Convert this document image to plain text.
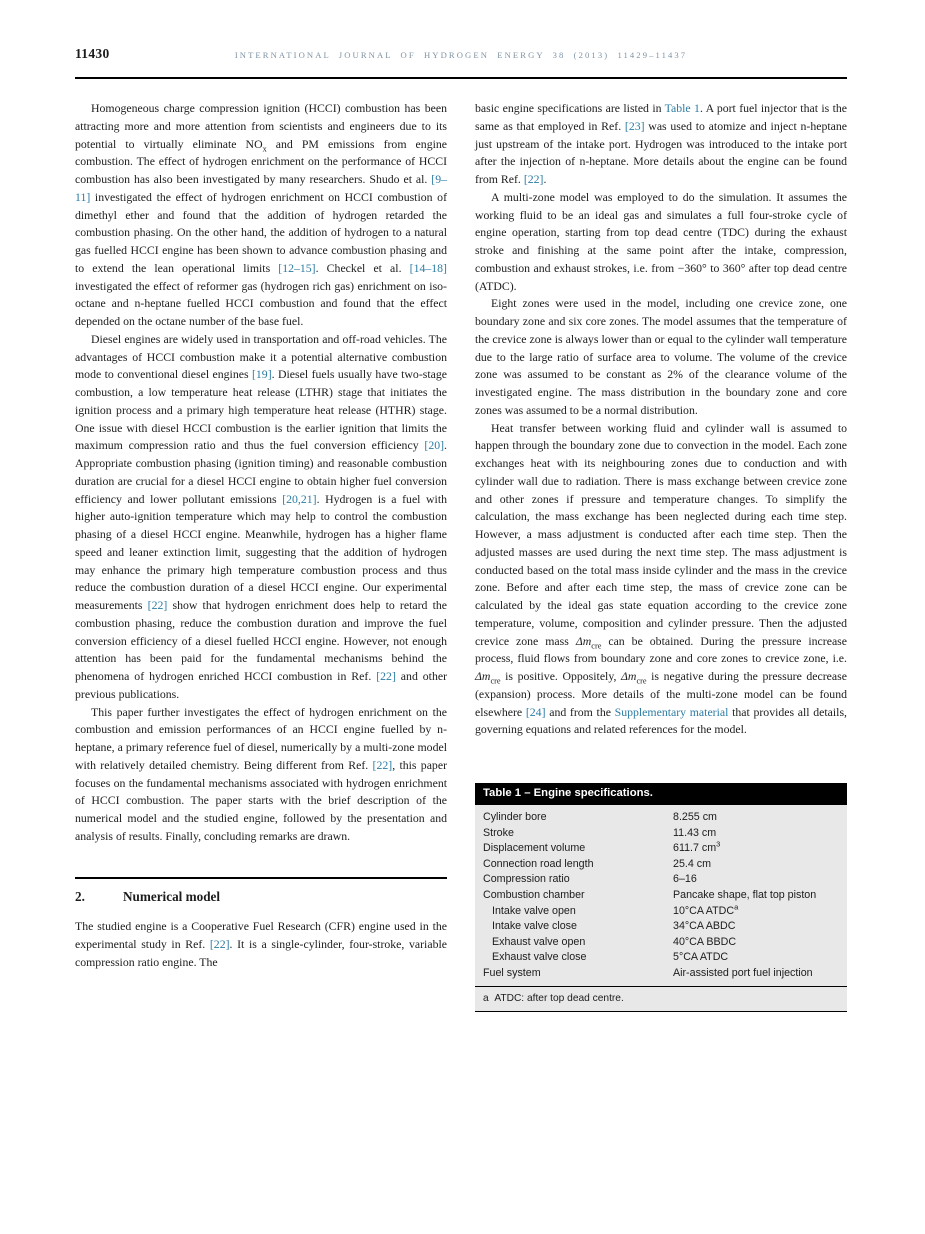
11430	INTERNATIONAL JOURNAL OF HYDROGEN ENERGY 38 (2013) 11429–11437

Homogeneous charge compression ignition (HCCI) combustion has been attracting more and more attention from scientists and engineers due to its potential to virtually eliminate $NO_x$ and PM emissions from engine combustion. The effect of hydrogen enrichment on the performance of HCCI combustion has also been investigated by many researchers. Shudo et al. [9–11] investigated the effect of hydrogen enrichment on HCCI combustion of dimethyl ether and found that the addition of hydrogen retarded the combustion phasing. On the other hand, the addition of hydrogen to a natural gas fuelled HCCI engine has been shown to advance combustion phasing and to extend the lean operational limits [12–15]. Checkel et al. [14–18] investigated the effect of reformer gas (hydrogen rich gas) enrichment on iso-octane and n-heptane fuelled HCCI combustion and found that the effect depended on the octane number of the base fuel.

Diesel engines are widely used in transportation and off-road vehicles. The advantages of HCCI combustion make it a potential alternative combustion mode to conventional diesel engines [19]. Diesel fuels usually have two-stage combustion, a low temperature heat release (LTHR) stage that initiates the ignition process and a primary high temperature heat release (HTHR) stage. One issue with diesel HCCI combustion is the earlier ignition that limits the maximum compression ratio and thus the fuel conversion efficiency [20]. Appropriate combustion phasing (ignition timing) and reasonable combustion duration are crucial for a diesel HCCI engine to obtain higher fuel conversion efficiency and lower pollutant emissions [20,21]. Hydrogen is a fuel with higher auto-ignition temperature which may help to control the combustion phasing of a diesel HCCI engine. Meanwhile, hydrogen has a higher flame speed and leaner extinction limit, suggesting that the addition of hydrogen may enhance the primary high temperature combustion process and thus reduce the combustion duration of a diesel HCCI engine. Our experimental measurements [22] show that hydrogen enrichment does help to retard the combustion phasing, reduce the combustion duration and improve the fuel conversion efficiency of a diesel fuelled HCCI engine. However, not enough attention has been paid for the fundamental mechanisms behind the phenomena of hydrogen enriched HCCI combustion in Ref. [22] and other previous publications.

This paper further investigates the effect of hydrogen enrichment on the combustion and emission performances of an HCCI engine fuelled by n-heptane, a primary reference fuel of diesel, numerically by a multi-zone model with relatively detailed chemistry. Being different from Ref. [22], this paper focuses on the fundamental mechanisms associated with hydrogen enrichment of HCCI combustion. The paper starts with the brief description of the numerical model and the studied engine, followed by the presentation and analysis of results. Finally, concluding remarks are drawn.

2.	Numerical model

The studied engine is a Cooperative Fuel Research (CFR) engine used in the experimental study in Ref. [22]. It is a single-cylinder, four-stroke, variable compression ratio engine. The

basic engine specifications are listed in Table 1. A port fuel injector that is the same as that employed in Ref. [23] was used to atomize and inject n-heptane just upstream of the intake port. Hydrogen was introduced to the intake port after the injection of n-heptane. More details about the engine can be found from Ref. [22].

A multi-zone model was employed to do the simulation. It assumes the working fluid to be an ideal gas and simulates a full four-stroke cycle of engine operation, starting from top dead centre (TDC) during the exhaust stroke and finishing at the same point after the intake, compression, combustion and exhaust strokes, i.e. from −360° to 360° after top dead centre (ATDC).

Eight zones were used in the model, including one crevice zone, one boundary zone and six core zones. The model assumes that the temperature of the crevice zone is always lower than or equal to the cylinder wall temperature due to the large ratio of surface area to volume. The volume of the crevice zone was assumed to be constant as 2% of the clearance volume of the investigated engine. The mass distribution in the boundary zone and core zones was assumed to be a normal distribution.

Heat transfer between working fluid and cylinder wall is assumed to happen through the boundary zone due to convection in the model. Each zone exchanges heat with its neighbouring zones due to conduction and with cylinder wall due to radiation. There is mass exchange between crevice zone and other zones if pressure and temperature changes. To simplify the calculation, the mass exchange has been neglected during each time step. However, a mass adjustment is conducted after each time step. Then the adjusted masses are used during the next time step. The mass adjustment is conducted based on the total mass inside cylinder and the mass in the crevice zone. Before and after each time step, the mass of crevice zone can be calculated by the ideal gas state equation according to the crevice zone temperature, volume, composition and cylinder pressure. Then the adjusted crevice zone mass $\Delta m_{cre}$ can be obtained. During the pressure increase process, fluid flows from boundary zone and core zones to crevice zone, i.e. $\Delta m_{cre}$ is positive. Oppositely, $\Delta m_{cre}$ is negative during the pressure decrease (expansion) process. More details of the multi-zone model can be found elsewhere [24] and from the Supplementary material that provides all details, governing equations and related references for the model.

Table 1 – Engine specifications.
Cylinder bore	8.255 cm
Stroke	11.43 cm
Displacement volume	611.7 $cm^3$
Connection road length	25.4 cm
Compression ratio	6–16
Combustion chamber	Pancake shape, flat top piston
Intake valve open	10°CA ATDC$^a$
Intake valve close	34°CA ABDC
Exhaust valve open	40°CA BBDC
Exhaust valve close	5°CA ATDC
Fuel system	Air-assisted port fuel injection
a  ATDC: after top dead centre.
